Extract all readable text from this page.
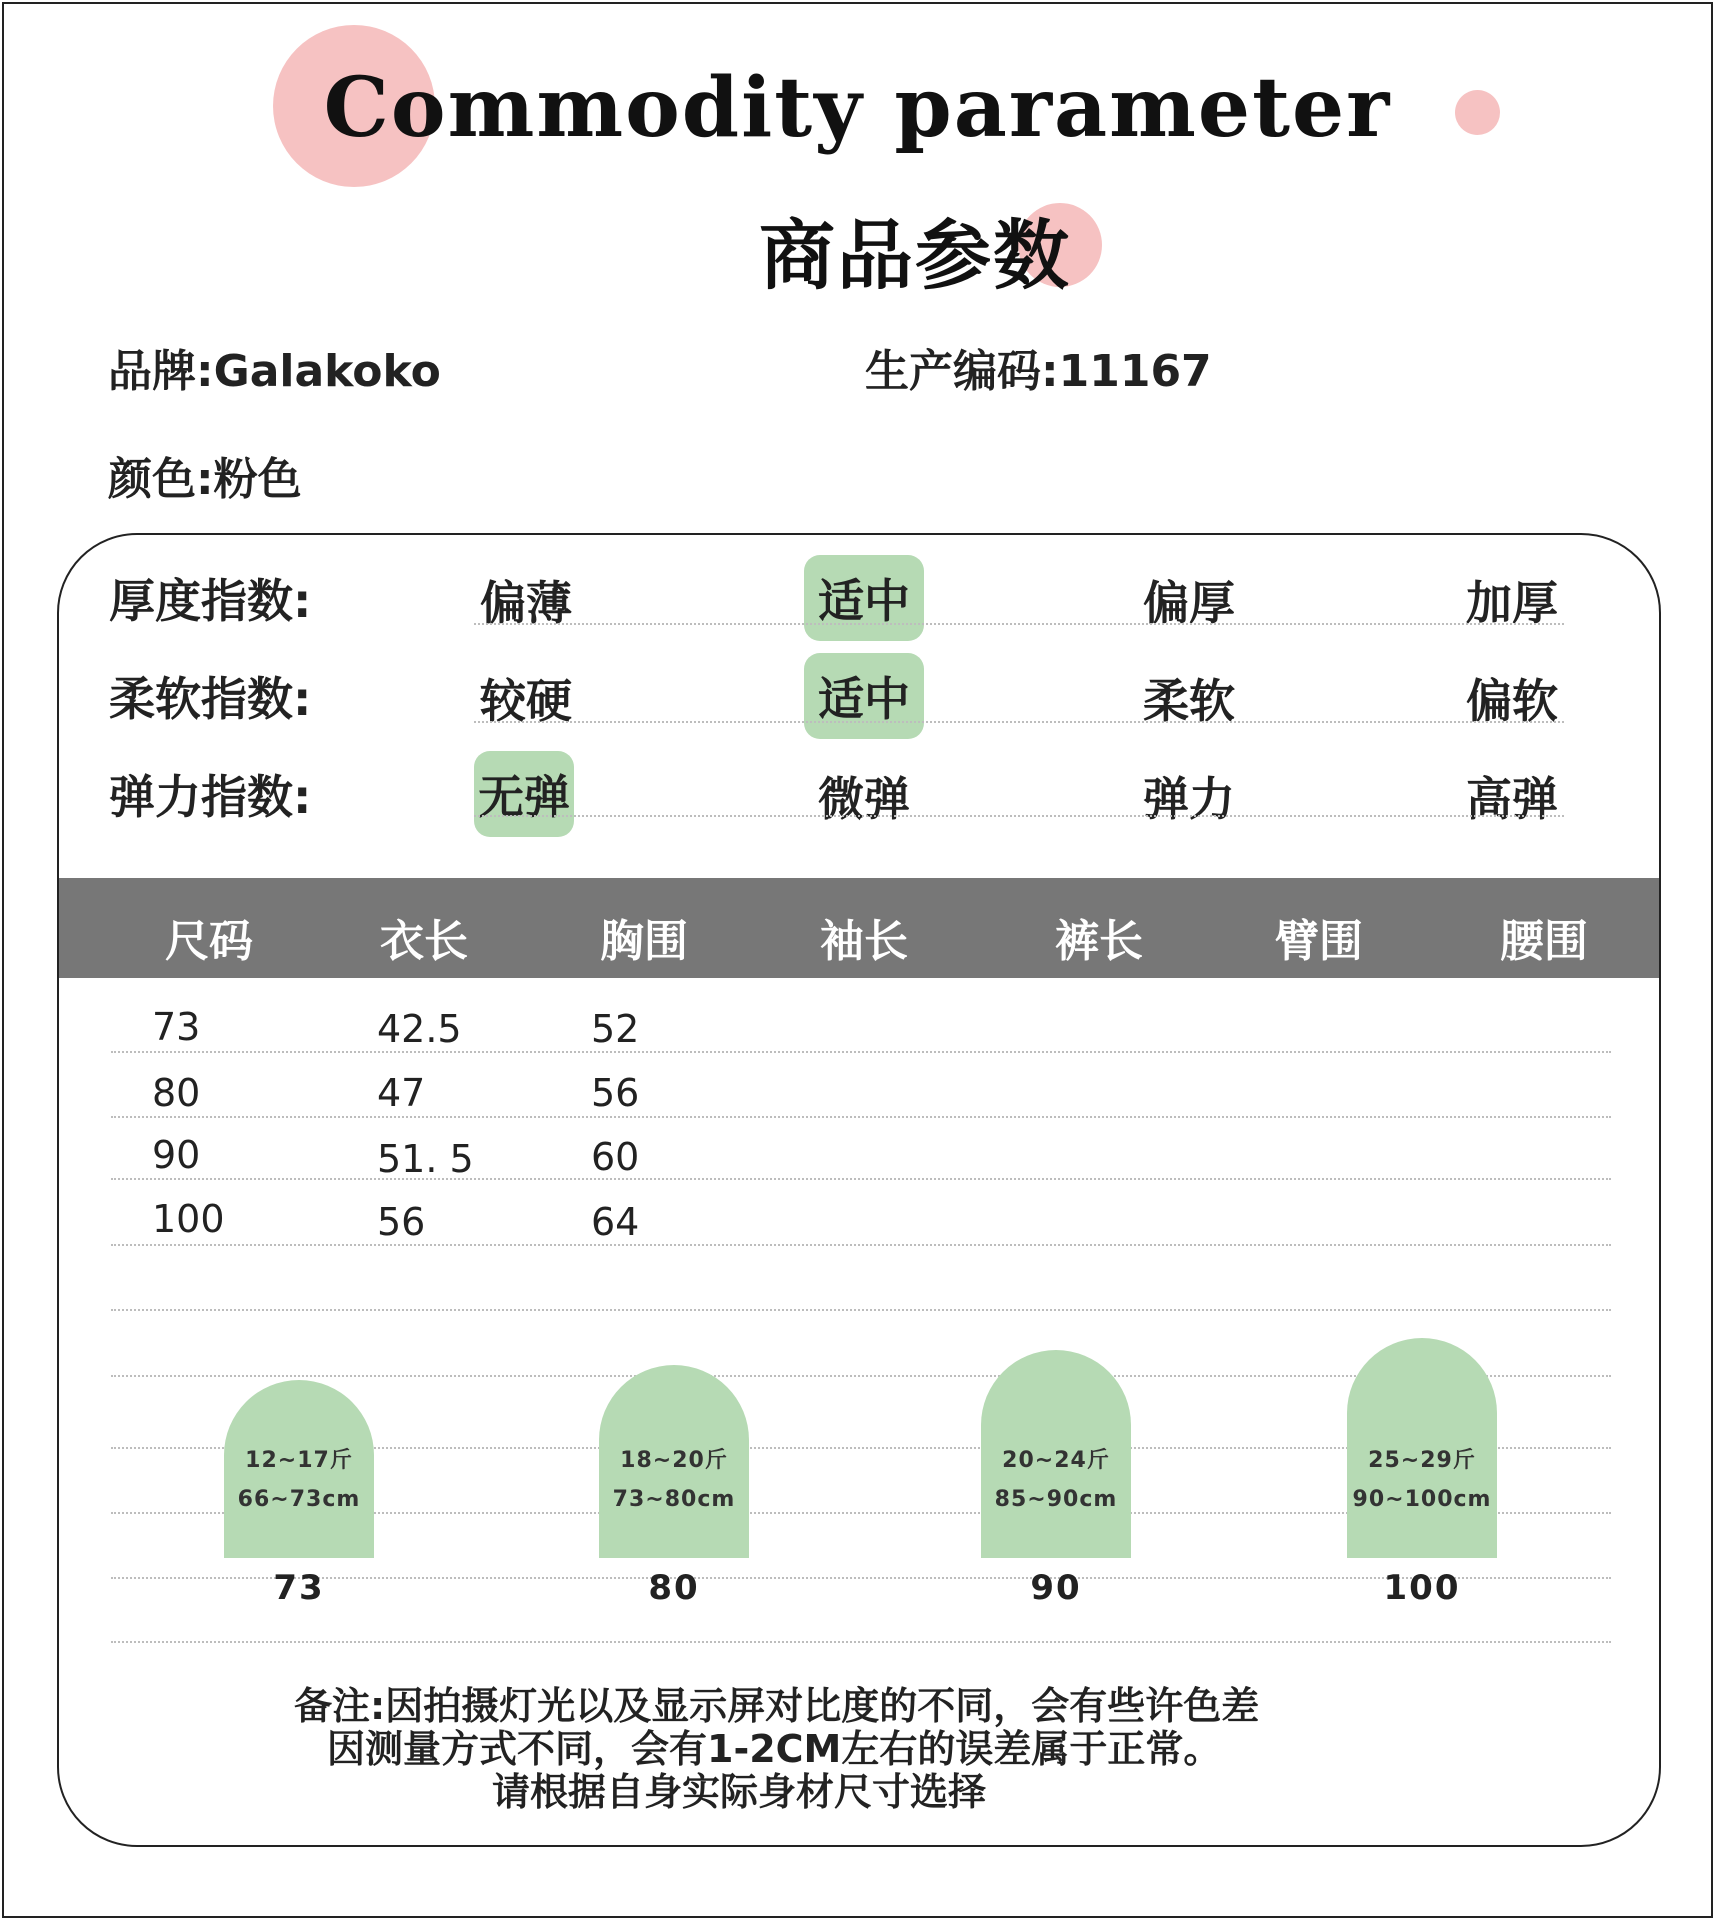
Commodity parameter
商品参数
品牌:Galakoko	生产编码:11167
颜色:粉色
厚度指数:	偏薄	适中	偏厚	加厚
柔软指数:	较硬	适中	柔软	偏软
弹力指数:	无弹	微弹	弹力	高弹
尺码	衣长	胸围	袖长	裤长	臂围	腰围
73	42.5	52
80	47	56
90	51. 5	60
100	56	64
12~17斤
66~73cm
73
18~20斤
73~80cm
80
20~24斤
85~90cm
90
25~29斤
90~100cm
100
备注:因拍摄灯光以及显示屏对比度的不同，会有些许色差
因测量方式不同，会有1-2CM左右的误差属于正常。
请根据自身实际身材尺寸选择
